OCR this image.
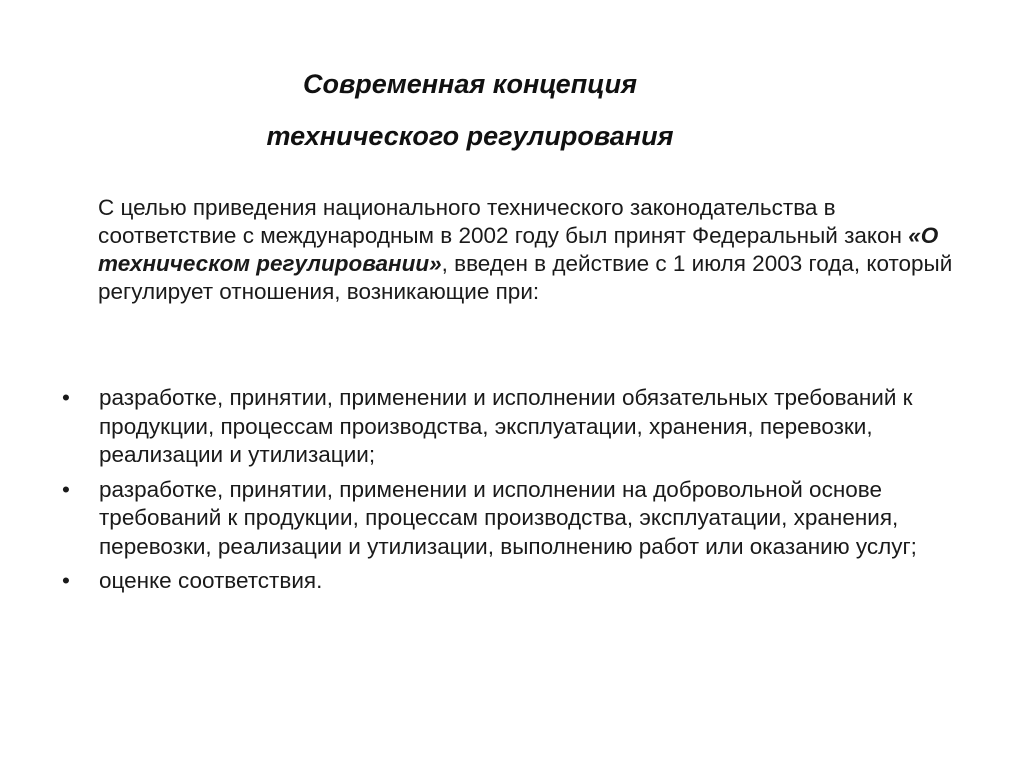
Современная концепция
технического регулирования
С целью приведения национального технического законодательства в соответствие с международным в 2002 году был принят Федеральный закон «О техническом регулировании», введен в действие с 1 июля 2003 года, который регулирует отношения, возникающие при:
•	разработке, принятии, применении и исполнении обязательных требований к продукции, процессам производства, эксплуатации, хранения, перевозки, реализации и утилизации;
•	разработке, принятии, применении и исполнении на добровольной основе требований к продукции, процессам производства, эксплуатации, хранения, перевозки, реализации и утилизации, выполнению работ или оказанию услуг;
•	оценке соответствия.
